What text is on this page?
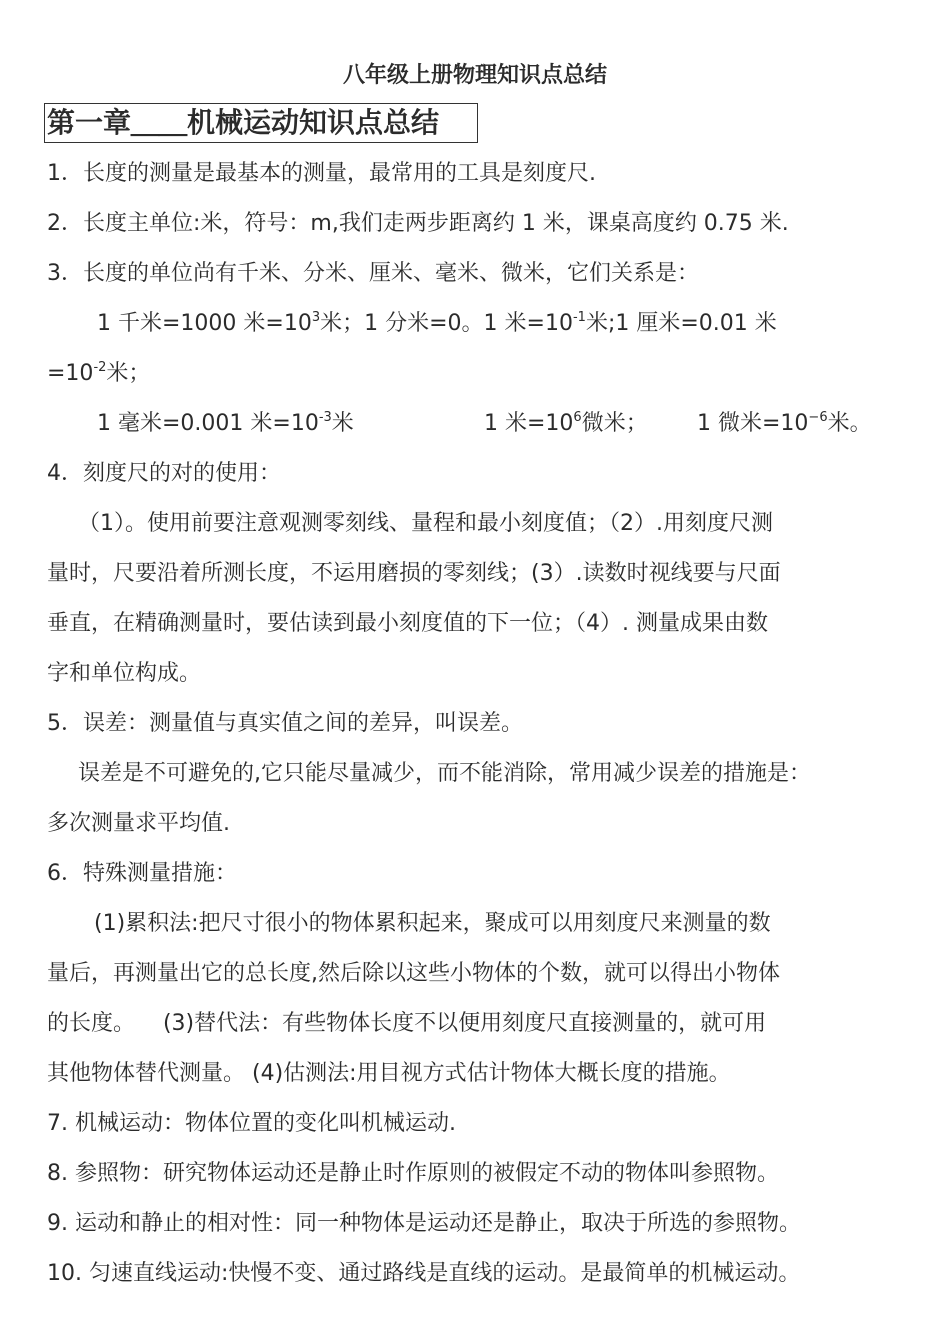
八年级上册物理知识点总结
第一章＿＿机械运动知识点总结
1．长度的测量是最基本的测量，最常用的工具是刻度尺.
2．长度主单位:米，符号：m,我们走两步距离约 1 米，课桌高度约 0.75 米.
3．长度的单位尚有千米、分米、厘米、毫米、微米，它们关系是：
1 千米=1000 米$=10^3$米；1 分米=0。1 米$=10^{-1}$米;1 厘米=0.01 米
$=10^{-2}$米；
1 毫米=0.001 米$=10^{-3}$米	1 米$=10^6$微米； 1 微米$=10^{-6}$米。
4．刻度尺的对的使用：
（1）。使用前要注意观测零刻线、量程和最小刻度值；（2）.用刻度尺测
量时，尺要沿着所测长度，不运用磨损的零刻线；(3）.读数时视线要与尺面
垂直，在精确测量时，要估读到最小刻度值的下一位；（4）. 测量成果由数
字和单位构成。
5．误差：测量值与真实值之间的差异，叫误差。
误差是不可避免的,它只能尽量减少，而不能消除，常用减少误差的措施是：
多次测量求平均值.
6．特殊测量措施：
(1)累积法:把尺寸很小的物体累积起来，聚成可以用刻度尺来测量的数
量后，再测量出它的总长度,然后除以这些小物体的个数，就可以得出小物体
的长度。    (3)替代法：有些物体长度不以便用刻度尺直接测量的，就可用
其他物体替代测量。 (4)估测法:用目视方式估计物体大概长度的措施。
7. 机械运动：物体位置的变化叫机械运动.
8. 参照物：研究物体运动还是静止时作原则的被假定不动的物体叫参照物。
9. 运动和静止的相对性：同一种物体是运动还是静止，取决于所选的参照物。
10. 匀速直线运动:快慢不变、通过路线是直线的运动。是最简单的机械运动。
